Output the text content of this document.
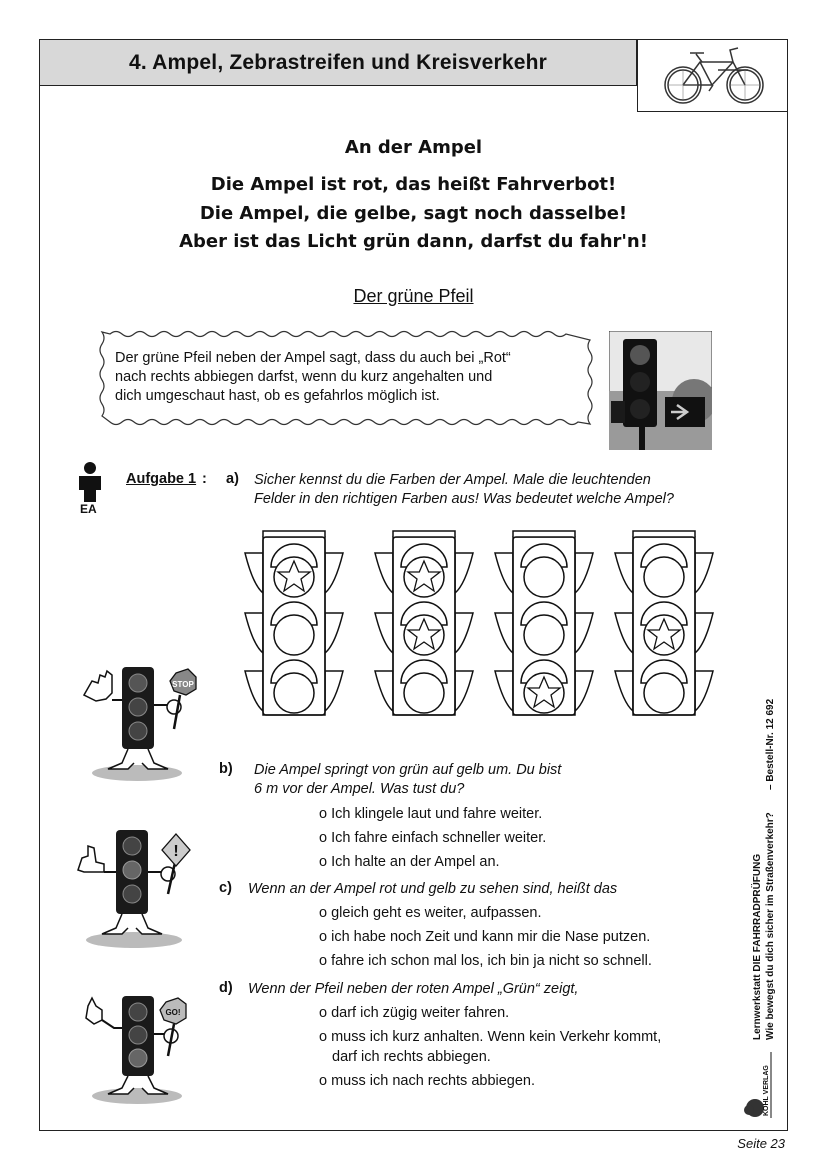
4. Ampel, Zebrastreifen und Kreisverkehr
An der Ampel
Die Ampel ist rot, das heißt Fahrverbot!
Die Ampel, die gelbe, sagt noch dasselbe!
Aber ist das Licht grün dann, darfst du fahr'n!
Der grüne Pfeil
Der grüne Pfeil neben der Ampel sagt, dass du auch bei „Rot“
nach rechts abbiegen darfst, wenn du kurz angehalten und
dich umgeschaut hast, ob es gefahrlos möglich ist.
EA
Aufgabe 1 : a) Sicher kennst du die Farben der Ampel. Male die leuchtenden
Felder in den richtigen Farben aus! Was bedeutet welche Ampel?
STOP
!
GO!
b) Die Ampel springt von grün auf gelb um. Du bist
6 m vor der Ampel. Was tust du?
o Ich klingele laut und fahre weiter.
o Ich fahre einfach schneller weiter.
o Ich halte an der Ampel an.
c) Wenn an der Ampel rot und gelb zu sehen sind, heißt das
o gleich geht es weiter, aufpassen.
o ich habe noch Zeit und kann mir die Nase putzen.
o fahre ich schon mal los, ich bin ja nicht so schnell.
d) Wenn der Pfeil neben der roten Ampel „Grün“ zeigt,
o darf ich zügig weiter fahren.
o muss ich kurz anhalten. Wenn kein Verkehr kommt,
darf ich rechts abbiegen.
o muss ich nach rechts abbiegen.
Lernwerkstatt DIE FAHRRADPRÜFUNG Wie bewegst du dich sicher im Straßenverkehr?
– Bestell-Nr. 12 692
KOHL VERLAG
Seite 23
